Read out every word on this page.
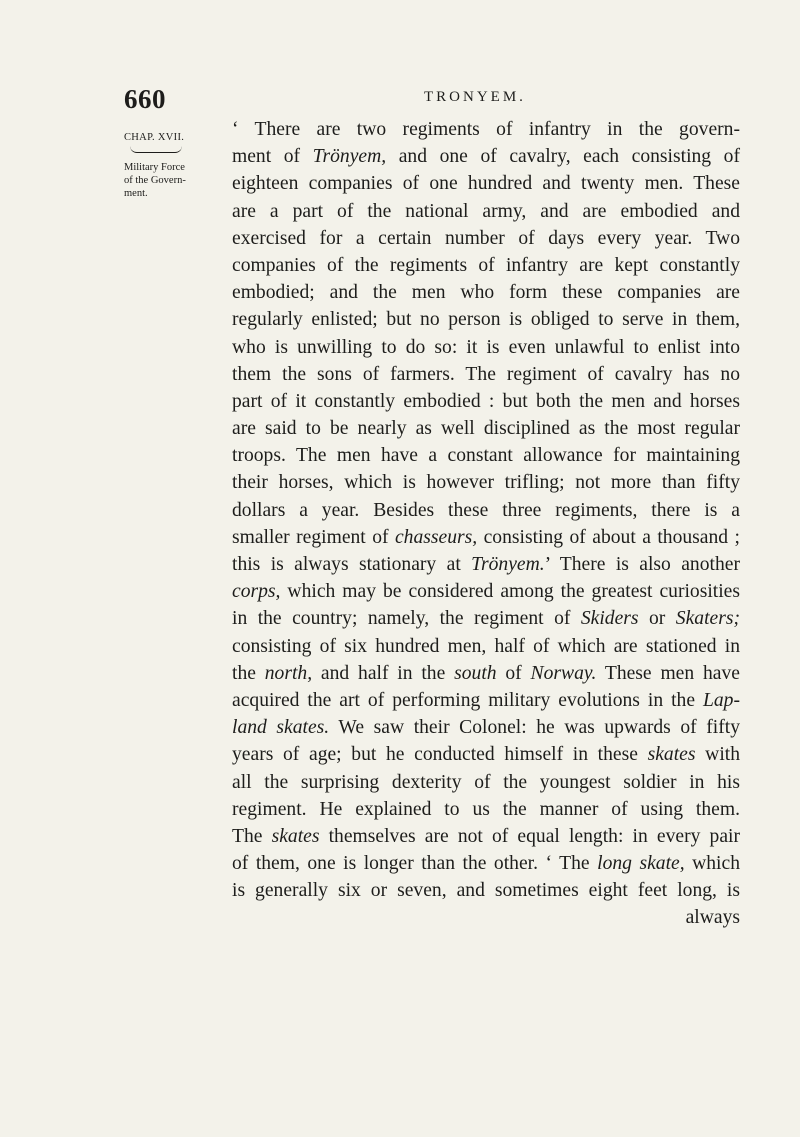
660	TRONYEM.
CHAP. XVII.
Military Force
of the Govern-
ment.
‘ There are two regiments of infantry in the govern-
ment of Trönyem, and one of cavalry, each consisting of
eighteen companies of one hundred and twenty men. These
are a part of the national army, and are embodied and
exercised for a certain number of days every year. Two
companies of the regiments of infantry are kept constantly
embodied; and the men who form these companies are
regularly enlisted; but no person is obliged to serve in them,
who is unwilling to do so: it is even unlawful to enlist into
them the sons of farmers. The regiment of cavalry has no
part of it constantly embodied : but both the men and horses
are said to be nearly as well disciplined as the most regular
troops. The men have a constant allowance for maintaining
their horses, which is however trifling; not more than fifty
dollars a year. Besides these three regiments, there is a
smaller regiment of chasseurs, consisting of about a thousand ;
this is always stationary at Trönyem.’ There is also another
corps, which may be considered among the greatest curiosities
in the country; namely, the regiment of Skiders or Skaters;
consisting of six hundred men, half of which are stationed in
the north, and half in the south of Norway. These men have
acquired the art of performing military evolutions in the Lap-
land skates. We saw their Colonel: he was upwards of fifty
years of age; but he conducted himself in these skates with
all the surprising dexterity of the youngest soldier in his
regiment. He explained to us the manner of using them.
The skates themselves are not of equal length: in every pair
of them, one is longer than the other. ‘ The long skate, which
is generally six or seven, and sometimes eight feet long, is
always
